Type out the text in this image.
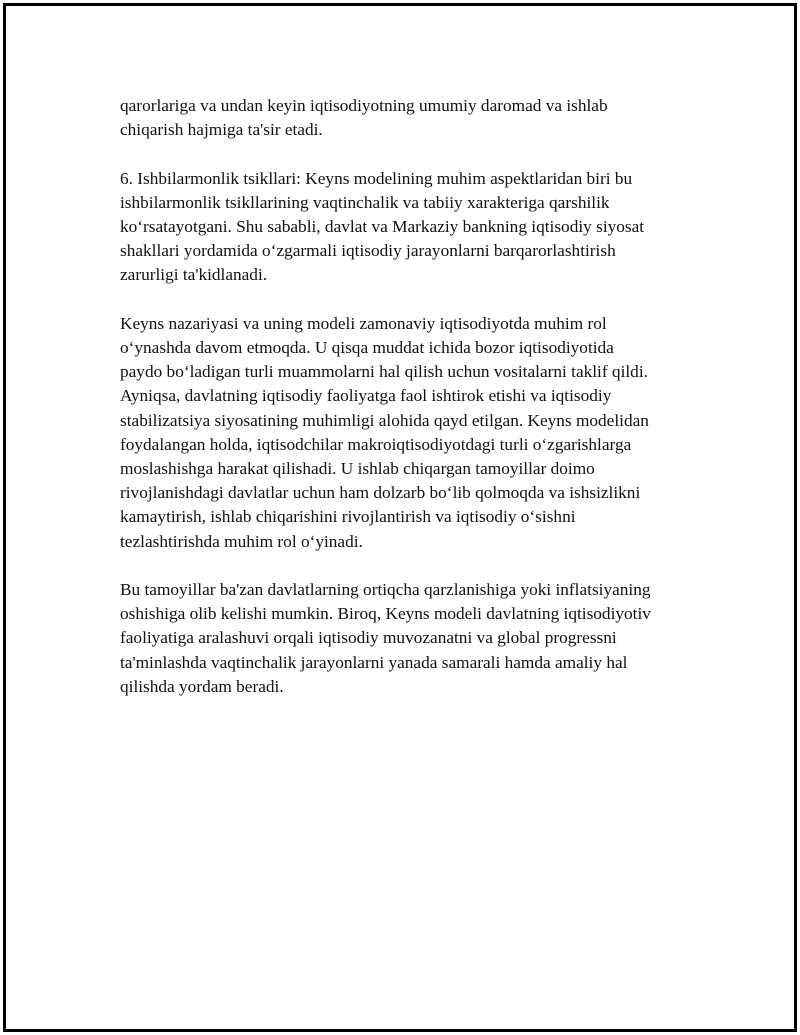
qarorlariga va undan keyin iqtisodiyotning umumiy daromad va ishlab
chiqarish hajmiga ta'sir etadi.

6. Ishbilarmonlik tsikllari: Keyns modelining muhim aspektlaridan biri bu
ishbilarmonlik tsikllarining vaqtinchalik va tabiiy xarakteriga qarshilik
koʻrsatayotgani. Shu sababli, davlat va Markaziy bankning iqtisodiy siyosat
shakllari yordamida oʻzgarmali iqtisodiy jarayonlarni barqarorlashtirish
zarurligi ta'kidlanadi.

Keyns nazariyasi va uning modeli zamonaviy iqtisodiyotda muhim rol
oʻynashda davom etmoqda. U qisqa muddat ichida bozor iqtisodiyotida
paydo boʻladigan turli muammolarni hal qilish uchun vositalarni taklif qildi.
Ayniqsa, davlatning iqtisodiy faoliyatga faol ishtirok etishi va iqtisodiy
stabilizatsiya siyosatining muhimligi alohida qayd etilgan. Keyns modelidan
foydalangan holda, iqtisodchilar makroiqtisodiyotdagi turli oʻzgarishlarga
moslashishga harakat qilishadi. U ishlab chiqargan tamoyillar doimo
rivojlanishdagi davlatlar uchun ham dolzarb boʻlib qolmoqda va ishsizlikni
kamaytirish, ishlab chiqarishini rivojlantirish va iqtisodiy oʻsishni
tezlashtirishda muhim rol oʻyinadi.

Bu tamoyillar ba'zan davlatlarning ortiqcha qarzlanishiga yoki inflatsiyaning
oshishiga olib kelishi mumkin. Biroq, Keyns modeli davlatning iqtisodiyotiv
faoliyatiga aralashuvi orqali iqtisodiy muvozanatni va global progressni
ta'minlashda vaqtinchalik jarayonlarni yanada samarali hamda amaliy hal
qilishda yordam beradi.
